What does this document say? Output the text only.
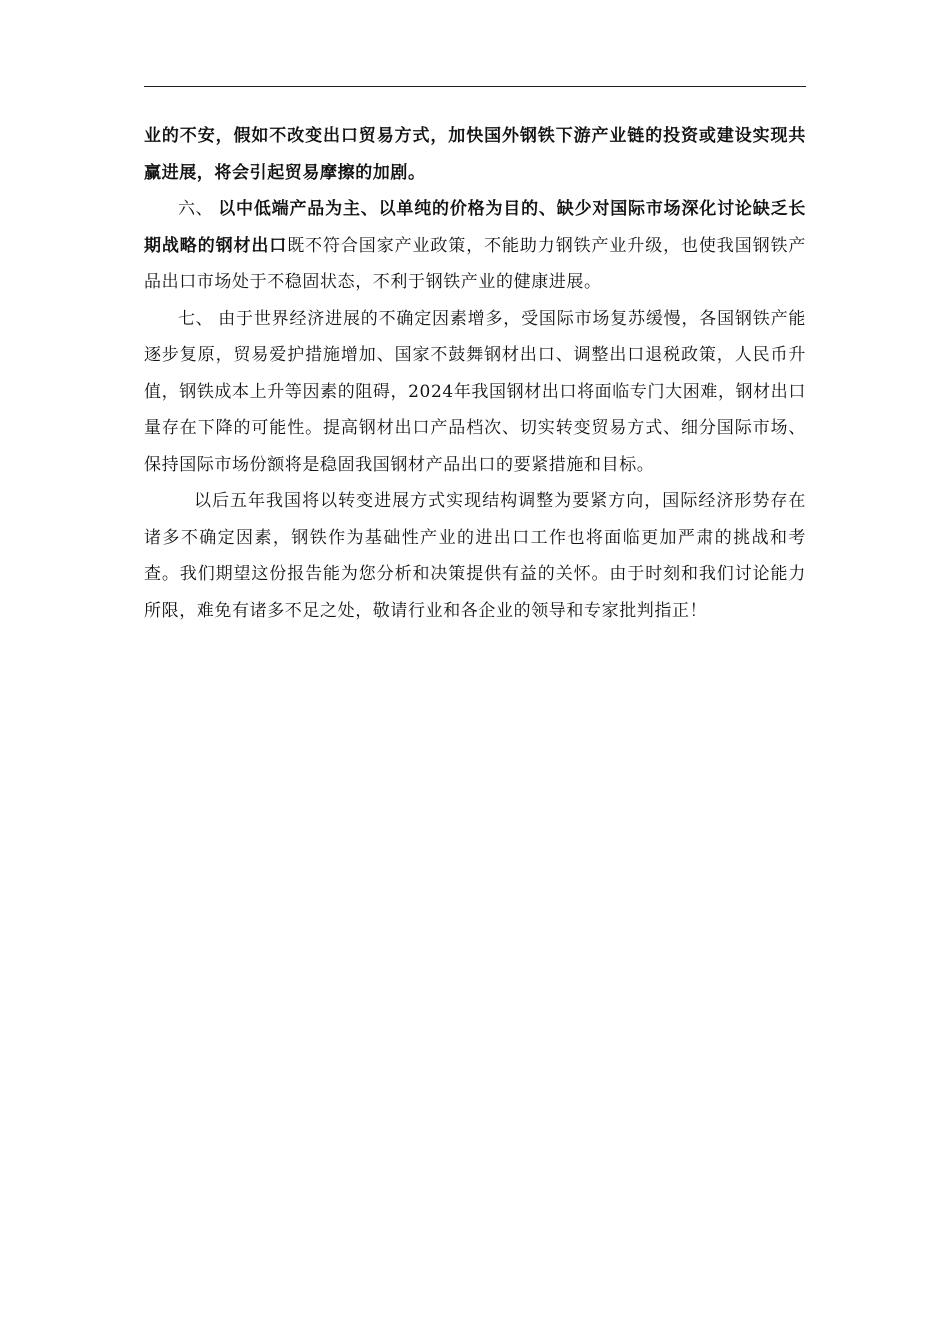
业的不安，假如不改变出口贸易方式，加快国外钢铁下游产业链的投资或建设实现共赢进展，将会引起贸易摩擦的加剧。

六、 以中低端产品为主、以单纯的价格为目的、缺少对国际市场深化讨论缺乏长期战略的钢材出口既不符合国家产业政策，不能助力钢铁产业升级，也使我国钢铁产品出口市场处于不稳固状态，不利于钢铁产业的健康进展。

七、 由于世界经济进展的不确定因素增多，受国际市场复苏缓慢，各国钢铁产能逐步复原，贸易爱护措施增加、国家不鼓舞钢材出口、调整出口退税政策，人民币升值，钢铁成本上升等因素的阻碍，2024年我国钢材出口将面临专门大困难，钢材出口量存在下降的可能性。提高钢材出口产品档次、切实转变贸易方式、细分国际市场、保持国际市场份额将是稳固我国钢材产品出口的要紧措施和目标。

以后五年我国将以转变进展方式实现结构调整为要紧方向，国际经济形势存在诸多不确定因素，钢铁作为基础性产业的进出口工作也将面临更加严肃的挑战和考查。我们期望这份报告能为您分析和决策提供有益的关怀。由于时刻和我们讨论能力所限，难免有诸多不足之处，敬请行业和各企业的领导和专家批判指正！
